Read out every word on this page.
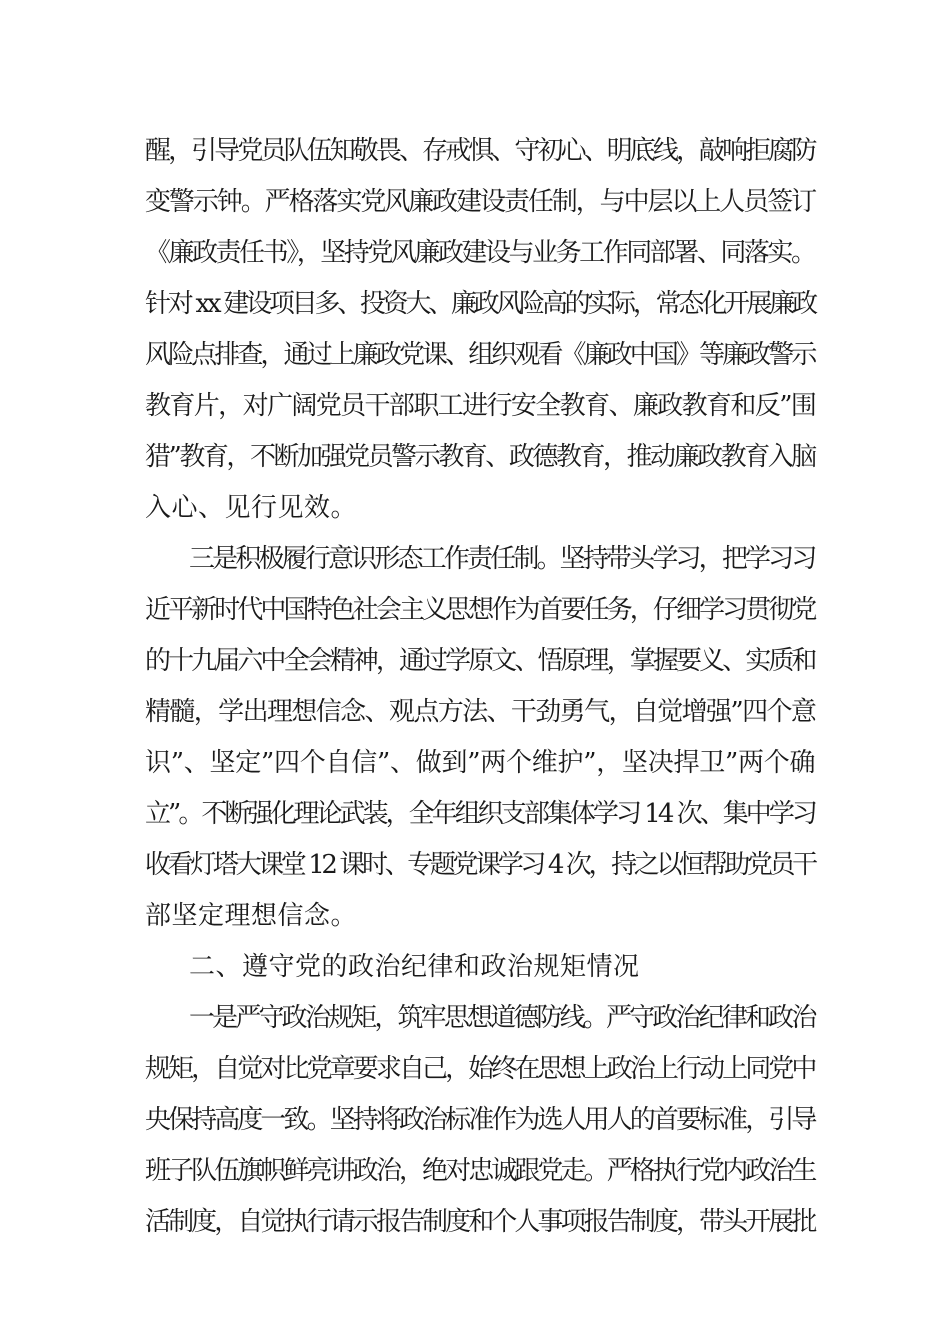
醒，引导党员队伍知敬畏、存戒惧、守初心、明底线，敲响拒腐防
变警示钟。严格落实党风廉政建设责任制，与中层以上人员签订
《廉政责任书》，坚持党风廉政建设与业务工作同部署、同落实。
针对 xx 建设项目多、投资大、廉政风险高的实际，常态化开展廉政
风险点排查，通过上廉政党课、组织观看《廉政中国》等廉政警示
教育片，对广阔党员干部职工进行安全教育、廉政教育和反”围
猎”教育，不断加强党员警示教育、政德教育，推动廉政教育入脑
入心、见行见效。
三是积极履行意识形态工作责任制。坚持带头学习，把学习习
近平新时代中国特色社会主义思想作为首要任务，仔细学习贯彻党
的十九届六中全会精神，通过学原文、悟原理，掌握要义、实质和
精髓，学出理想信念、观点方法、干劲勇气，自觉增强”四个意
识”、坚定”四个自信”、做到”两个维护”，坚决捍卫”两个确
立”。不断强化理论武装，全年组织支部集体学习 14 次、集中学习
收看灯塔大课堂 12 课时、专题党课学习 4 次，持之以恒帮助党员干
部坚定理想信念。
二、遵守党的政治纪律和政治规矩情况
一是严守政治规矩，筑牢思想道德防线。严守政治纪律和政治
规矩，自觉对比党章要求自己，始终在思想上政治上行动上同党中
央保持高度一致。坚持将政治标准作为选人用人的首要标准，引导
班子队伍旗帜鲜亮讲政治，绝对忠诚跟党走。严格执行党内政治生
活制度，自觉执行请示报告制度和个人事项报告制度，带头开展批
